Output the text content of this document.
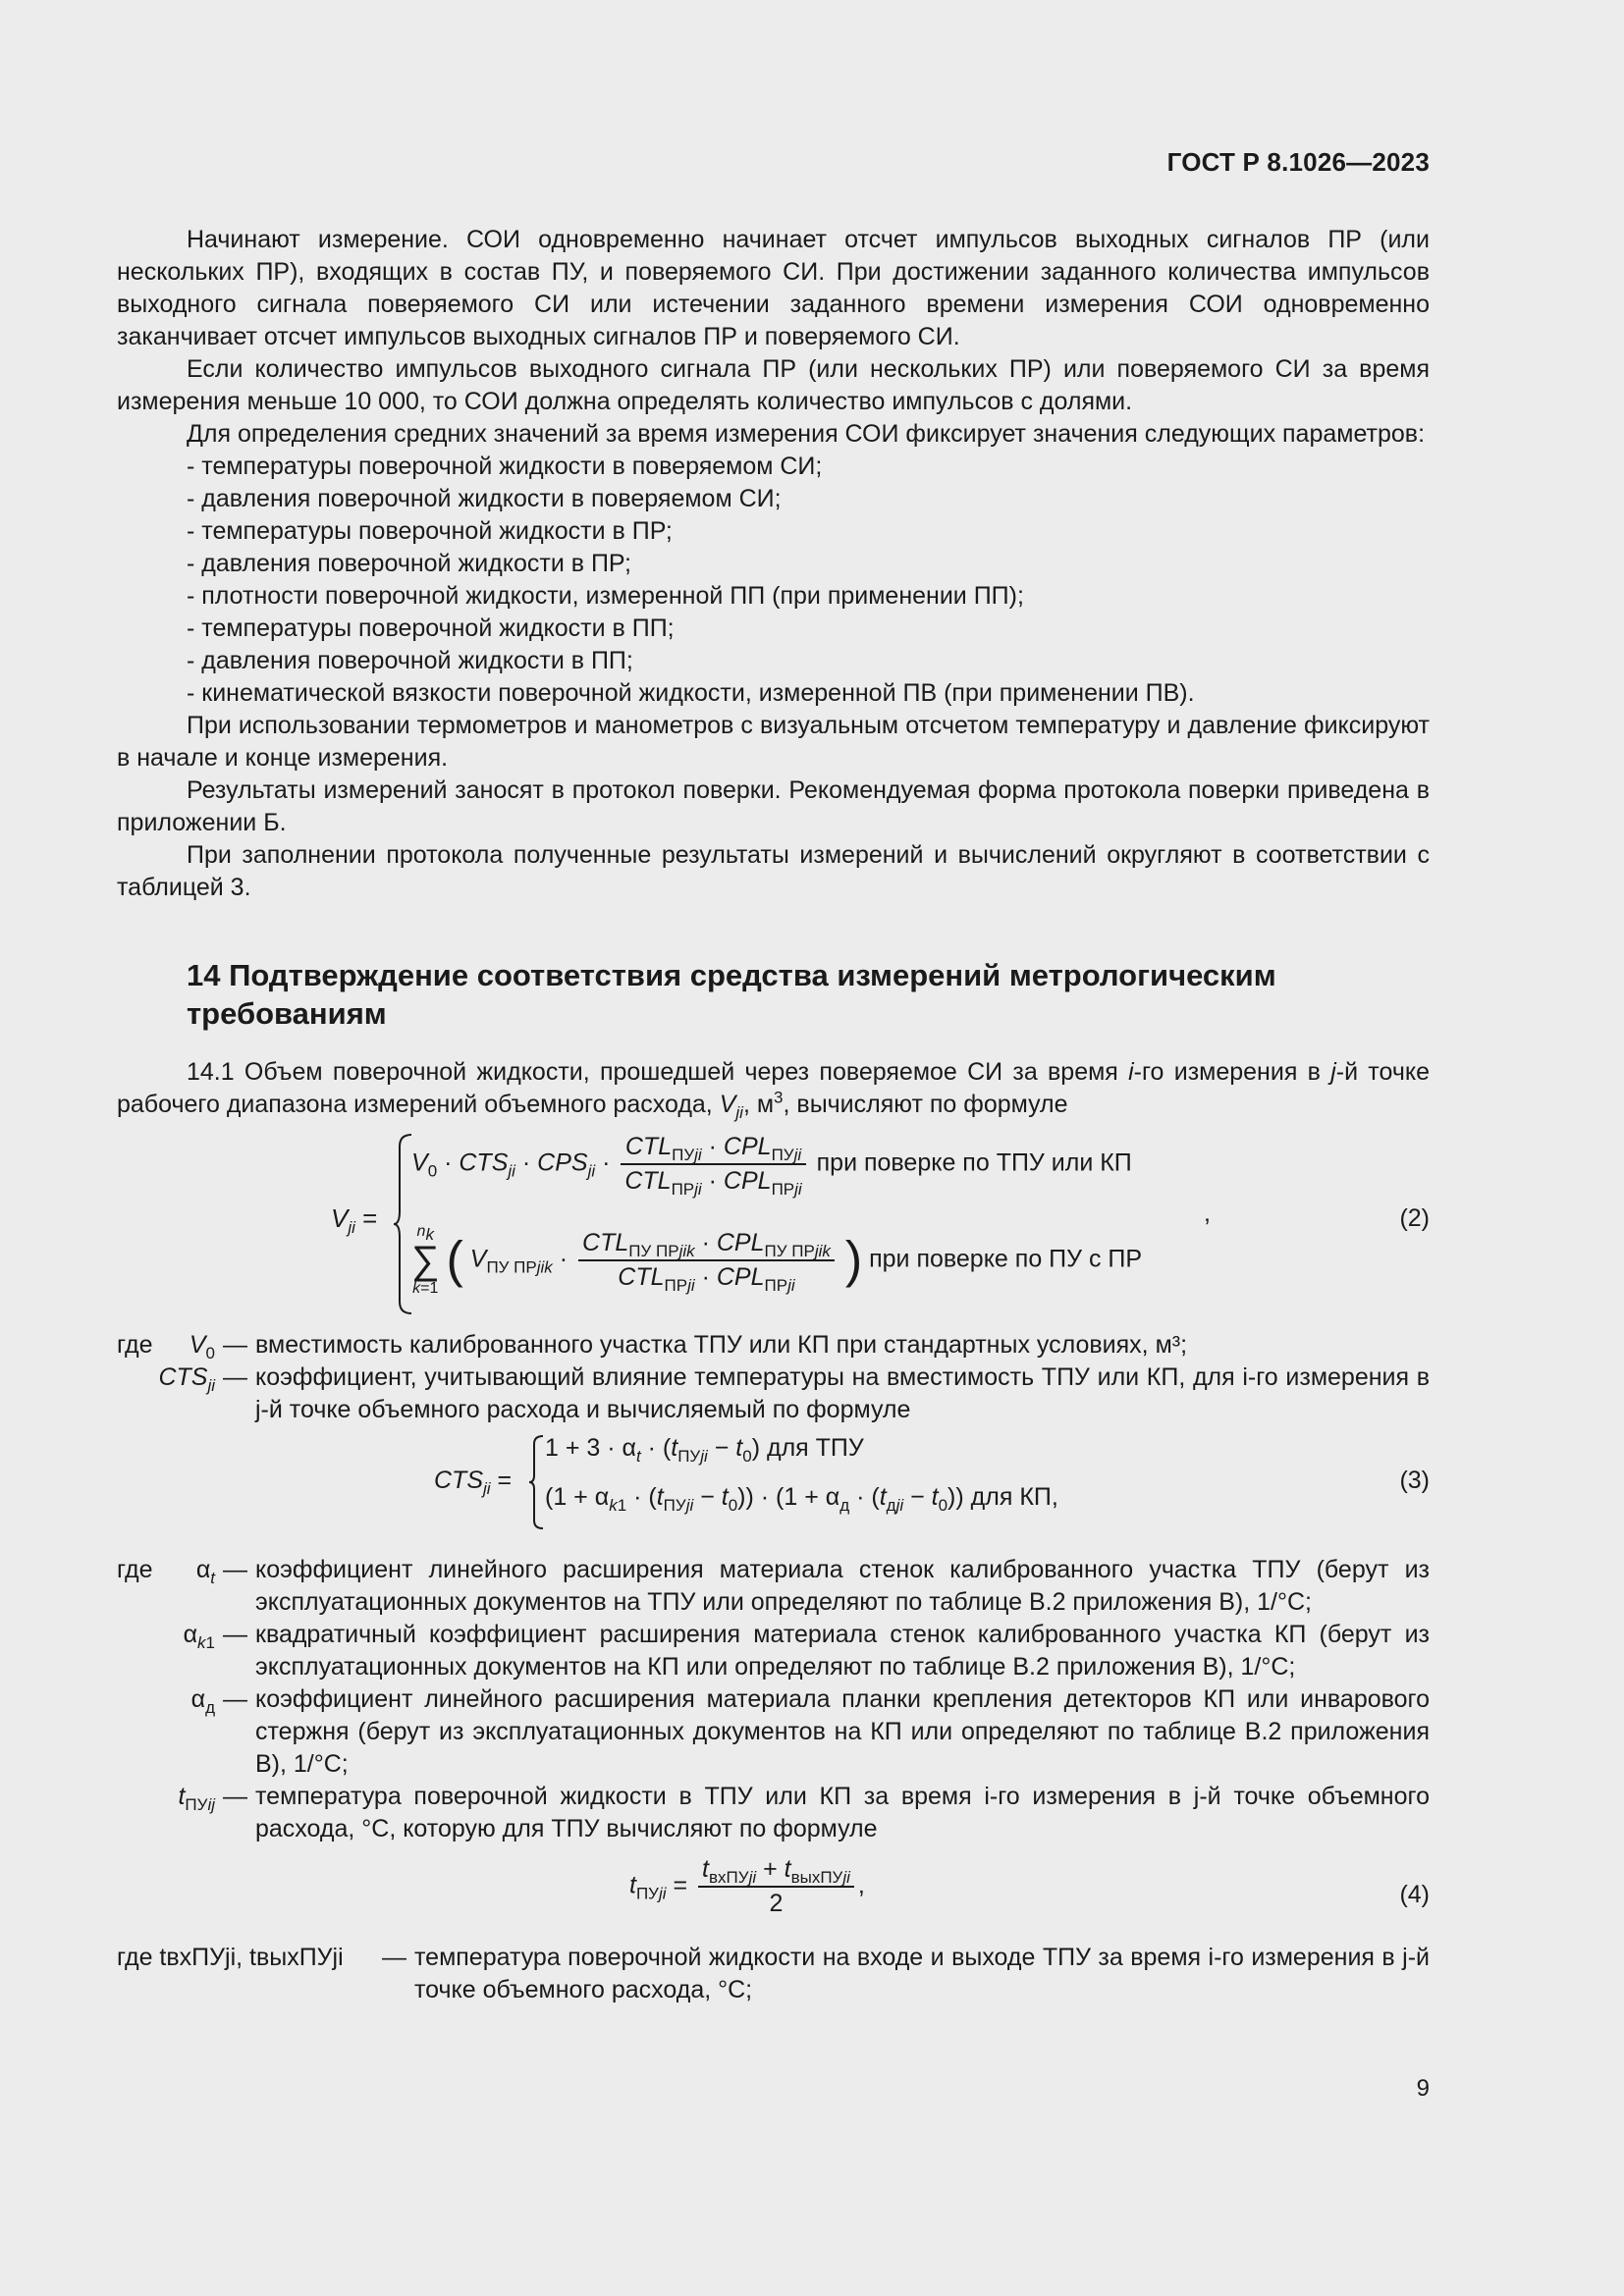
ГОСТ Р 8.1026—2023

Начинают измерение. СОИ одновременно начинает отсчет импульсов выходных сигналов ПР (или нескольких ПР), входящих в состав ПУ, и поверяемого СИ. При достижении заданного количества импульсов выходного сигнала поверяемого СИ или истечении заданного времени измерения СОИ одновременно заканчивает отсчет импульсов выходных сигналов ПР и поверяемого СИ.

Если количество импульсов выходного сигнала ПР (или нескольких ПР) или поверяемого СИ за время измерения меньше 10 000, то СОИ должна определять количество импульсов с долями.

Для определения средних значений за время измерения СОИ фиксирует значения следующих параметров:

- температуры поверочной жидкости в поверяемом СИ;

- давления поверочной жидкости в поверяемом СИ;

- температуры поверочной жидкости в ПР;

- давления поверочной жидкости в ПР;

- плотности поверочной жидкости, измеренной ПП (при применении ПП);

- температуры поверочной жидкости в ПП;

- давления поверочной жидкости в ПП;

- кинематической вязкости поверочной жидкости, измеренной ПВ (при применении ПВ).

При использовании термометров и манометров с визуальным отсчетом температуру и давление фиксируют в начале и конце измерения.

Результаты измерений заносят в протокол поверки. Рекомендуемая форма протокола поверки приведена в приложении Б.

При заполнении протокола полученные результаты измерений и вычислений округляют в соответствии с таблицей 3.

14 Подтверждение соответствия средства измерений метрологическим
требованиям

14.1 Объем поверочной жидкости, прошедшей через поверяемое СИ за время i-го измерения в j-й точке рабочего диапазона измерений объемного расхода, $V_{ji}$, $м^3$, вычисляют по формуле

$V_{ji}$ =
$V_0 \cdot CTS_{ji} \cdot CPS_{ji} \cdot \frac{CTL_{ПУji} \cdot CPL_{ПУji}}{CTL_{ПРji} \cdot CPL_{ПРji}}$ при поверке по ТПУ или КП
$n_k$
∑
k=1 ( $V_{ПУ ПРjik} \cdot \frac{CTL_{ПУ ПРjik} \cdot CPL_{ПУ ПРjik}}{CTL_{ПРji} \cdot CPL_{ПРji}}$ ) при поверке по ПУ с ПР
,	(2)
где $V_0$ — вместимость калиброванного участка ТПУ или КП при стандартных условиях, м³;
$CTS_{ji}$ — коэффициент, учитывающий влияние температуры на вместимость ТПУ или КП, для i-го измерения в j-й точке объемного расхода и вычисляемый по формуле
$CTS_{ji}$ =
$1 + 3 \cdot \alpha_t \cdot (t_{ПУji} - t_0)$ для ТПУ
$(1 + \alpha_{k1} \cdot (t_{ПУji} - t_0)) \cdot (1 + \alpha_д \cdot (t_{дji} - t_0))$ для КП,
(3)
где $\alpha_t$ — коэффициент линейного расширения материала стенок калиброванного участка ТПУ (берут из эксплуатационных документов на ТПУ или определяют по таблице В.2 приложения В), 1/°С;
$\alpha_{k1}$ — квадратичный коэффициент расширения материала стенок калиброванного участка КП (берут из эксплуатационных документов на КП или определяют по таблице В.2 приложения В), 1/°С;
$\alpha_д$ — коэффициент линейного расширения материала планки крепления детекторов КП или инварового стержня (берут из эксплуатационных документов на КП или определяют по таблице В.2 приложения В), 1/°С;
$t_{ПУij}$ — температура поверочной жидкости в ТПУ или КП за время i-го измерения в j-й точке объемного расхода, °С, которую для ТПУ вычисляют по формуле
$t_{ПУji} = \frac{t_{вхПУji} + t_{выхПУji}}{2}$ ,	(4)
где tвхПУji, tвыхПУji	— температура поверочной жидкости на входе и выходе ТПУ за время i-го измерения в j-й точке объемного расхода, °С;
9
